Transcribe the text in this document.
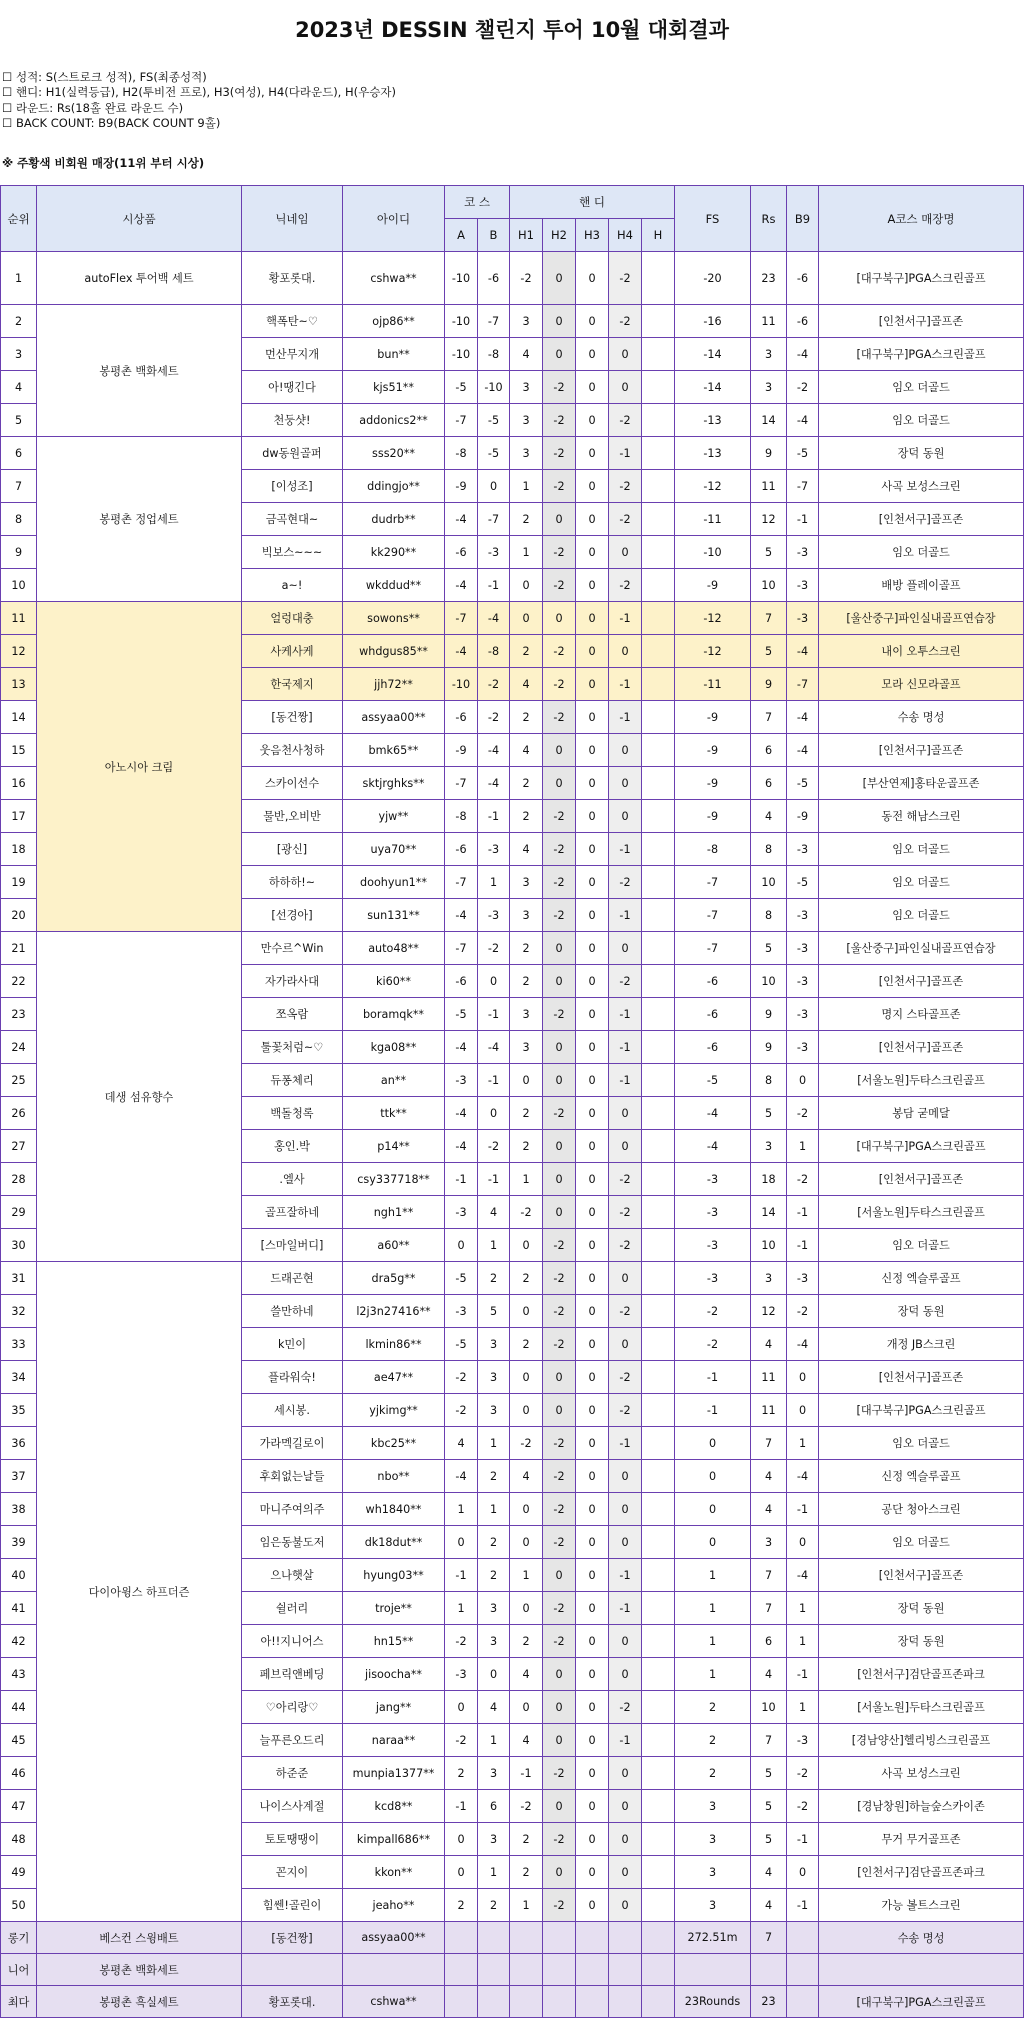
2023년 DESSIN 챌린지 투어 10월 대회결과
☐ 성적: S(스트로크 성적), FS(최종성적)
☐ 핸디: H1(실력등급), H2(투비전 프로), H3(여성), H4(다라운드), H(우승자)
☐ 라운드: Rs(18홀 완료 라운드 수)
☐ BACK COUNT: B9(BACK COUNT 9홀)
※ 주황색 비회원 매장(11위 부터 시상)
순위	시상품	닉네임	아이디	코 스		핸 디					FS	Rs	B9	A코스 매장명
				A	B	H1	H2	H3	H4	H				
1	autoFlex 투어백 세트	황포롯대.	cshwa**	-10	-6	-2	0	0	-2		-20	23	-6	[대구북구]PGA스크린골프
2	봉평촌 백화세트	핵폭탄~♡	ojp86**	-10	-7	3	0	0	-2		-16	11	-6	[인천서구]골프존
3		먼산무지개	bun**	-10	-8	4	0	0	0		-14	3	-4	[대구북구]PGA스크린골프
4		아!땡긴다	kjs51**	-5	-10	3	-2	0	0		-14	3	-2	임오 더골드
5		천둥샷!	addonics2**	-7	-5	3	-2	0	-2		-13	14	-4	임오 더골드
6	봉평촌 정업세트	dw동원골퍼	sss20**	-8	-5	3	-2	0	-1		-13	9	-5	장덕 동원
7		[이성조]	ddingjo**	-9	0	1	-2	0	-2		-12	11	-7	사곡 보성스크린
8		금곡현대~	dudrb**	-4	-7	2	0	0	-2		-11	12	-1	[인천서구]골프존
9		빅보스~~~	kk290**	-6	-3	1	-2	0	0		-10	5	-3	임오 더골드
10		a~!	wkddud**	-4	-1	0	-2	0	-2		-9	10	-3	배방 플레이골프
11	아노시아 크림	얼렁대충	sowons**	-7	-4	0	0	0	-1		-12	7	-3	[울산중구]파인실내골프연습장
12		사케사케	whdgus85**	-4	-8	2	-2	0	0		-12	5	-4	내이 오투스크린
13		한국제지	jjh72**	-10	-2	4	-2	0	-1		-11	9	-7	모라 신모라골프
14		[동건짱]	assyaa00**	-6	-2	2	-2	0	-1		-9	7	-4	수송 명성
15		웃음천사청하	bmk65**	-9	-4	4	0	0	0		-9	6	-4	[인천서구]골프존
16		스카이선수	sktjrghks**	-7	-4	2	0	0	0		-9	6	-5	[부산연제]홍타운골프존
17		물반,오비반	yjw**	-8	-1	2	-2	0	0		-9	4	-9	동전 해남스크린
18		[광신]	uya70**	-6	-3	4	-2	0	-1		-8	8	-3	임오 더골드
19		하하하!~	doohyun1**	-7	1	3	-2	0	-2		-7	10	-5	임오 더골드
20		[선경아]	sun131**	-4	-3	3	-2	0	-1		-7	8	-3	임오 더골드
21	데생 섬유향수	만수르^Win	auto48**	-7	-2	2	0	0	0		-7	5	-3	[울산중구]파인실내골프연습장
22		자가라사대	ki60**	-6	0	2	0	0	-2		-6	10	-3	[인천서구]골프존
23		쪼옥람	boramqk**	-5	-1	3	-2	0	-1		-6	9	-3	명지 스타골프존
24		툴꽃처럼~♡	kga08**	-4	-4	3	0	0	-1		-6	9	-3	[인천서구]골프존
25		듀퐁체리	an**	-3	-1	0	0	0	-1		-5	8	0	[서울노원]두타스크린골프
26		백돌청록	ttk**	-4	0	2	-2	0	0		-4	5	-2	봉담 굳메달
27		홍인.박	p14**	-4	-2	2	0	0	0		-4	3	1	[대구북구]PGA스크린골프
28		.엘사	csy337718**	-1	-1	1	0	0	-2		-3	18	-2	[인천서구]골프존
29		골프잘하네	ngh1**	-3	4	-2	0	0	-2		-3	14	-1	[서울노원]두타스크린골프
30		[스마일버디]	a60**	0	1	0	-2	0	-2		-3	10	-1	임오 더골드
31	다이아윙스 하프더즌	드래곤현	dra5g**	-5	2	2	-2	0	0		-3	3	-3	신정 엑슬루골프
32		쓸만하네	l2j3n27416**	-3	5	0	-2	0	-2		-2	12	-2	장덕 동원
33		k민이	lkmin86**	-5	3	2	-2	0	0		-2	4	-4	개정 JB스크린
34		플라워숙!	ae47**	-2	3	0	0	0	-2		-1	11	0	[인천서구]골프존
35		세시봉.	yjkimg**	-2	3	0	0	0	-2		-1	11	0	[대구북구]PGA스크린골프
36		가라멕길로이	kbc25**	4	1	-2	-2	0	-1		0	7	1	임오 더골드
37		후회없는날들	nbo**	-4	2	4	-2	0	0		0	4	-4	신정 엑슬루골프
38		마니주여의주	wh1840**	1	1	0	-2	0	0		0	4	-1	공단 청아스크린
39		임은동불도저	dk18dut**	0	2	0	-2	0	0		0	3	0	임오 더골드
40		으나햇살	hyung03**	-1	2	1	0	0	-1		1	7	-4	[인천서구]골프존
41		쉴러리	troje**	1	3	0	-2	0	-1		1	7	1	장덕 동원
42		아!!지니어스	hn15**	-2	3	2	-2	0	0		1	6	1	장덕 동원
43		페브릭앤베딩	jisoocha**	-3	0	4	0	0	0		1	4	-1	[인천서구]검단골프존파크
44		♡아리랑♡	jang**	0	4	0	0	0	-2		2	10	1	[서울노원]두타스크린골프
45		늘푸른오드리	naraa**	-2	1	4	0	0	-1		2	7	-3	[경남양산]헬리빙스크린골프
46		하준준	munpia1377**	2	3	-1	-2	0	0		2	5	-2	사곡 보성스크린
47		나이스사계절	kcd8**	-1	6	-2	0	0	0		3	5	-2	[경남창원]하늘숲스카이존
48		토토땡땡이	kimpall686**	0	3	2	-2	0	0		3	5	-1	무거 무거골프존
49		꼰지이	kkon**	0	1	2	0	0	0		3	4	0	[인천서구]검단골프존파크
50		힘쎈!골린이	jeaho**	2	2	1	-2	0	0		3	4	-1	가능 볼트스크린
롱기	베스컨 스윙배트	[동건짱]	assyaa00**								272.51m	7		수송 명성
니어	봉평촌 백화세트													
최다	봉평촌 흑실세트	황포롯대.	cshwa**								23Rounds	23		[대구북구]PGA스크린골프
